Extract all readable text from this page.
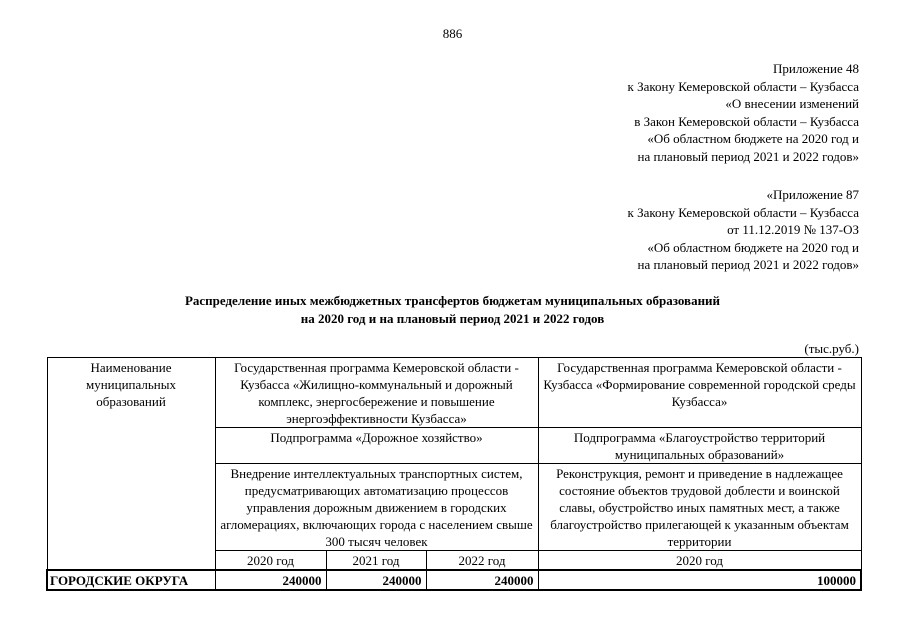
886
Приложение 48
к Закону Кемеровской области – Кузбасса
«О внесении изменений
в Закон Кемеровской области – Кузбасса
«Об областном бюджете на 2020 год и
на плановый период 2021 и 2022 годов»
«Приложение 87
к Закону Кемеровской области – Кузбасса
от 11.12.2019 № 137-ОЗ
«Об областном бюджете на 2020 год и
на плановый период 2021 и 2022 годов»
Распределение иных межбюджетных трансфертов бюджетам муниципальных образований
на 2020 год и на плановый период 2021 и 2022 годов
(тыс.руб.)
Наименование муниципальных образований	Государственная программа Кемеровской области - Кузбасса «Жилищно-коммунальный и дорожный комплекс, энергосбережение и повышение энергоэффективности Кузбасса»			Государственная программа Кемеровской области - Кузбасса «Формирование современной городской среды Кузбасса»
	Подпрограмма «Дорожное хозяйство»			Подпрограмма «Благоустройство территорий муниципальных образований»
	Внедрение интеллектуальных транспортных систем, предусматривающих автоматизацию процессов управления дорожным движением в городских агломерациях, включающих города с населением свыше 300 тысяч человек			Реконструкция, ремонт и приведение в надлежащее состояние объектов трудовой доблести и воинской славы, обустройство иных памятных мест, а также благоустройство прилегающей к указанным объектам территории
	2020 год	2021 год	2022 год	2020 год
ГОРОДСКИЕ ОКРУГА	240000	240000	240000	100000
